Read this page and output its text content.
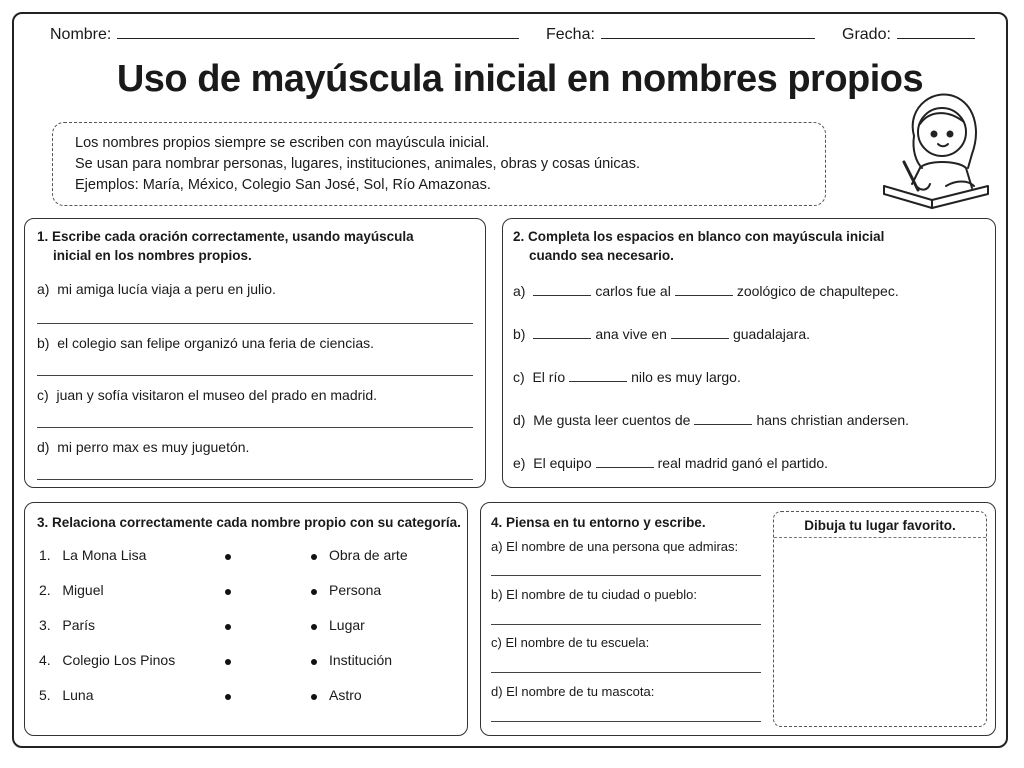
Nombre:	Fecha:	Grado:
Uso de mayúscula inicial en nombres propios
Los nombres propios siempre se escriben con mayúscula inicial.
Se usan para nombrar personas, lugares, instituciones, animales, obras y cosas únicas.
Ejemplos: María, México, Colegio San José, Sol, Río Amazonas.
1. Escribe cada oración correctamente, usando mayúscula
inicial en los nombres propios.
a) mi amiga lucía viaja a peru en julio.
b) el colegio san felipe organizó una feria de ciencias.
c) juan y sofía visitaron el museo del prado en madrid.
d) mi perro max es muy juguetón.
2. Completa los espacios en blanco con mayúscula inicial
cuando sea necesario.
a)	carlos fue al	zoológico de chapultepec.
b)	ana vive en	guadalajara.
c) El río	nilo es muy largo.
d) Me gusta leer cuentos de	hans christian andersen.
e) El equipo	real madrid ganó el partido.
3. Relaciona correctamente cada nombre propio con su categoría.
1. La Mona Lisa	Obra de arte
2. Miguel	Persona
3. París	Lugar
4. Colegio Los Pinos	Institución
5. Luna	Astro
4. Piensa en tu entorno y escribe.
a) El nombre de una persona que admiras:
b) El nombre de tu ciudad o pueblo:
c) El nombre de tu escuela:
d) El nombre de tu mascota:
Dibuja tu lugar favorito.
